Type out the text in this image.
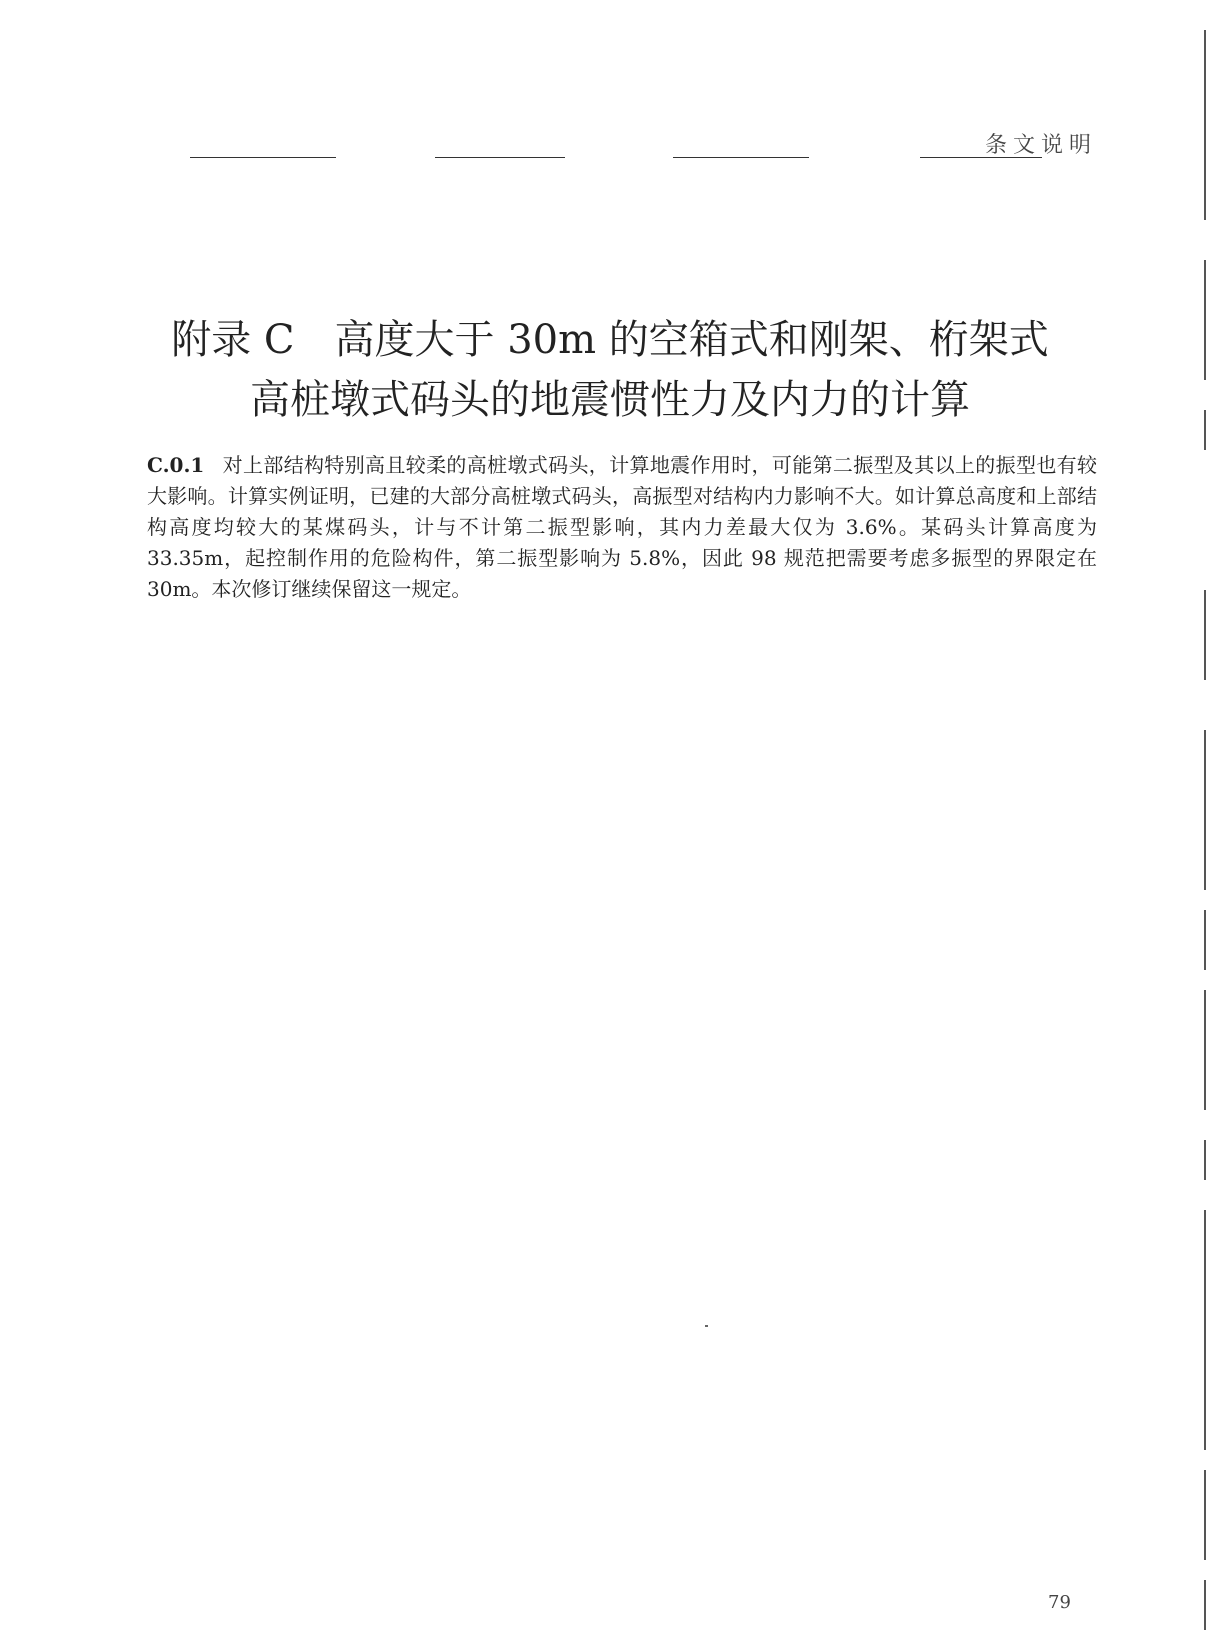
条文说明
附录 C　高度大于 30m 的空箱式和刚架、桁架式
高桩墩式码头的地震惯性力及内力的计算
C.0.1 对上部结构特别高且较柔的高桩墩式码头，计算地震作用时，可能第二振型及其以上的振型也有较大影响。计算实例证明，已建的大部分高桩墩式码头，高振型对结构内力影响不大。如计算总高度和上部结构高度均较大的某煤码头，计与不计第二振型影响，其内力差最大仅为 3.6%。某码头计算高度为 33.35m，起控制作用的危险构件，第二振型影响为 5.8%，因此 98 规范把需要考虑多振型的界限定在 30m。本次修订继续保留这一规定。
79
